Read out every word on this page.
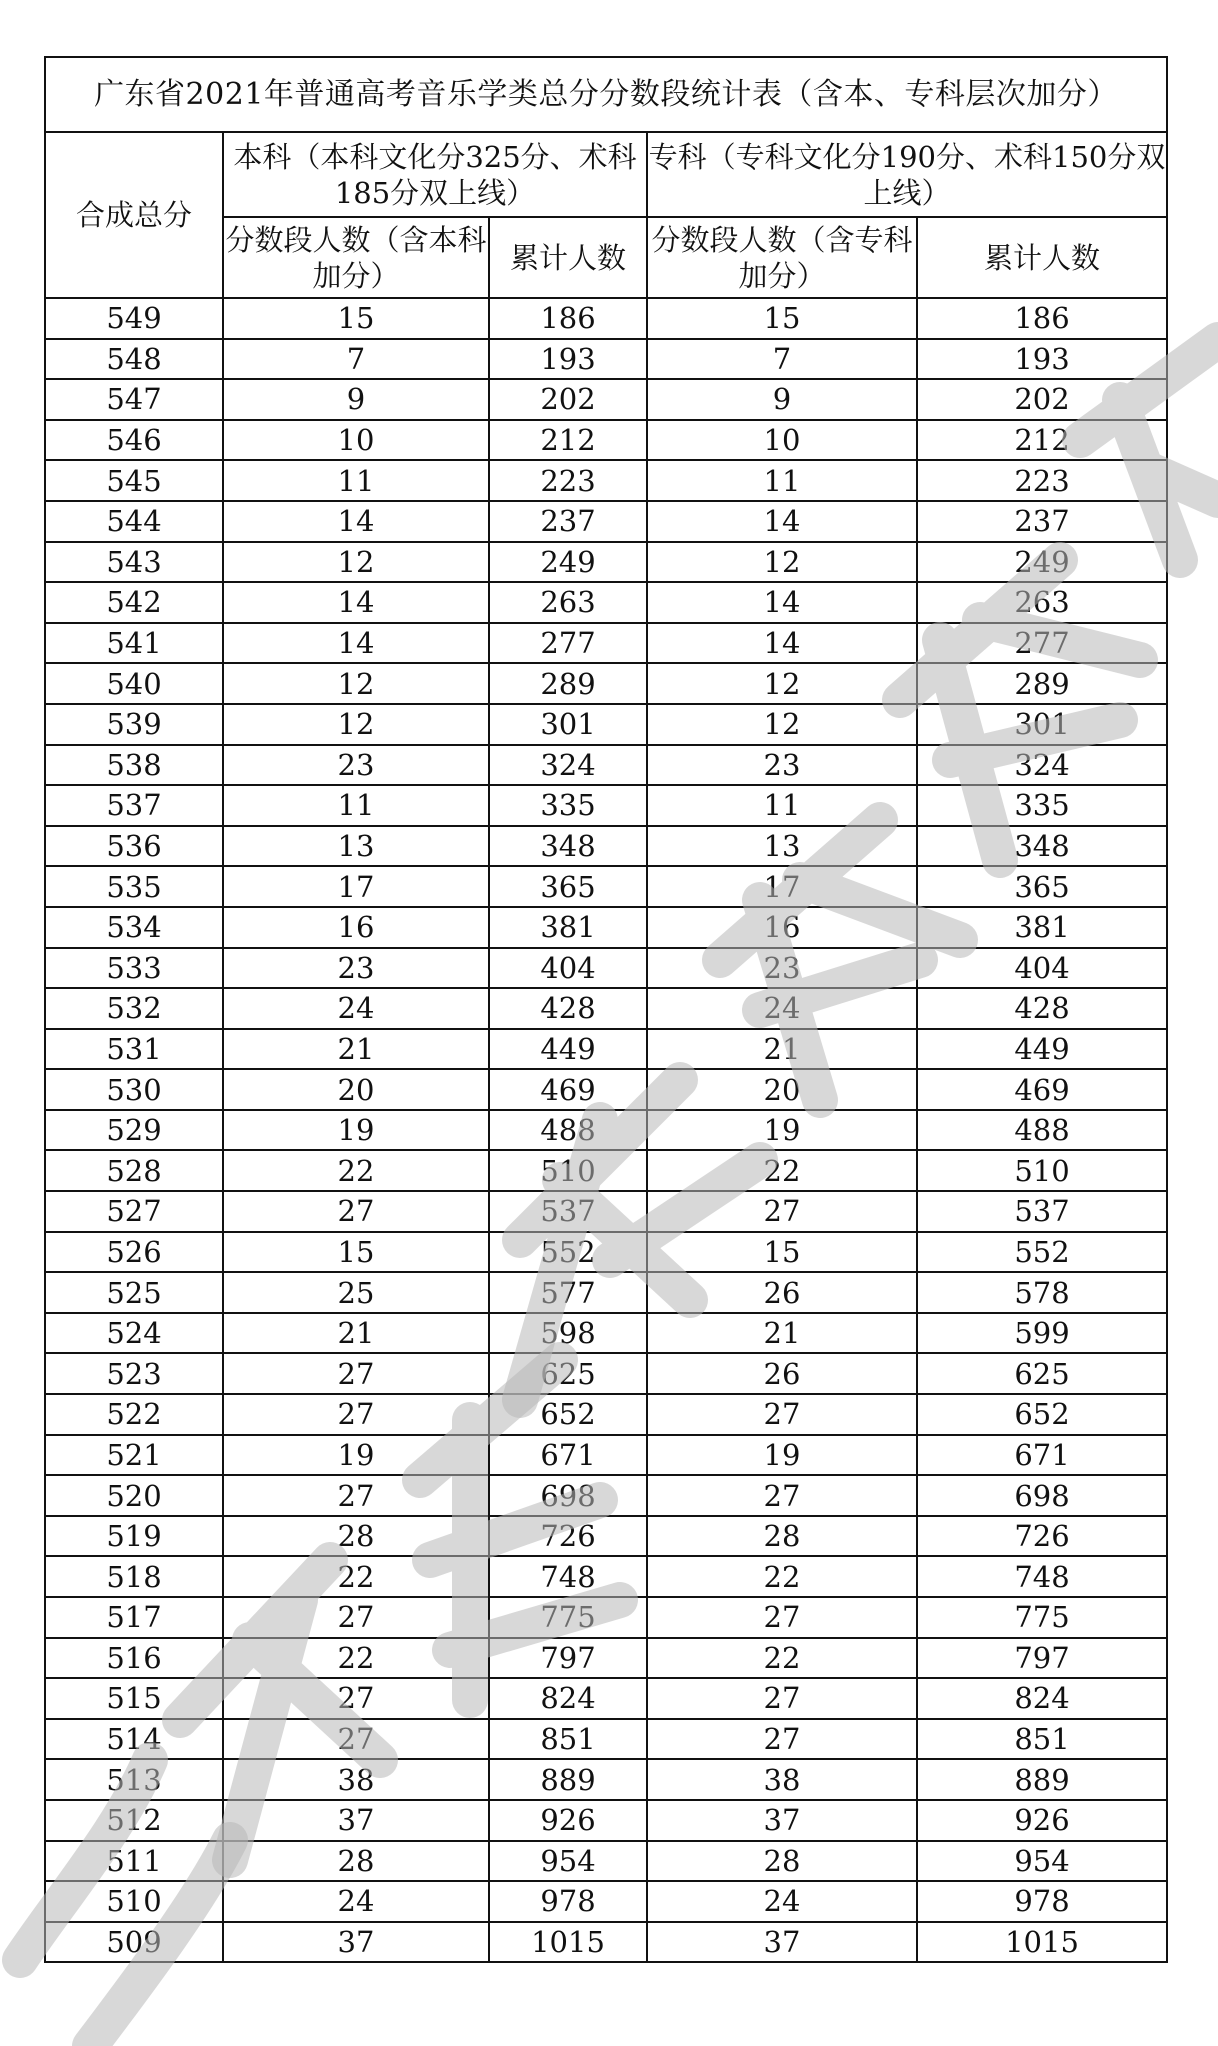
广东省2021年普通高考音乐学类总分分数段统计表（含本、专科层次加分）				
合成总分	本科（本科文化分325分、术科185分双上线）		专科（专科文化分190分、术科150分双上线）	
	分数段人数（含本科加分）	累计人数	分数段人数（含专科加分）	累计人数
549	15	186	15	186
548	7	193	7	193
547	9	202	9	202
546	10	212	10	212
545	11	223	11	223
544	14	237	14	237
543	12	249	12	249
542	14	263	14	263
541	14	277	14	277
540	12	289	12	289
539	12	301	12	301
538	23	324	23	324
537	11	335	11	335
536	13	348	13	348
535	17	365	17	365
534	16	381	16	381
533	23	404	23	404
532	24	428	24	428
531	21	449	21	449
530	20	469	20	469
529	19	488	19	488
528	22	510	22	510
527	27	537	27	537
526	15	552	15	552
525	25	577	26	578
524	21	598	21	599
523	27	625	26	625
522	27	652	27	652
521	19	671	19	671
520	27	698	27	698
519	28	726	28	726
518	22	748	22	748
517	27	775	27	775
516	22	797	22	797
515	27	824	27	824
514	27	851	27	851
513	38	889	38	889
512	37	926	37	926
511	28	954	28	954
510	24	978	24	978
509	37	1015	37	1015
